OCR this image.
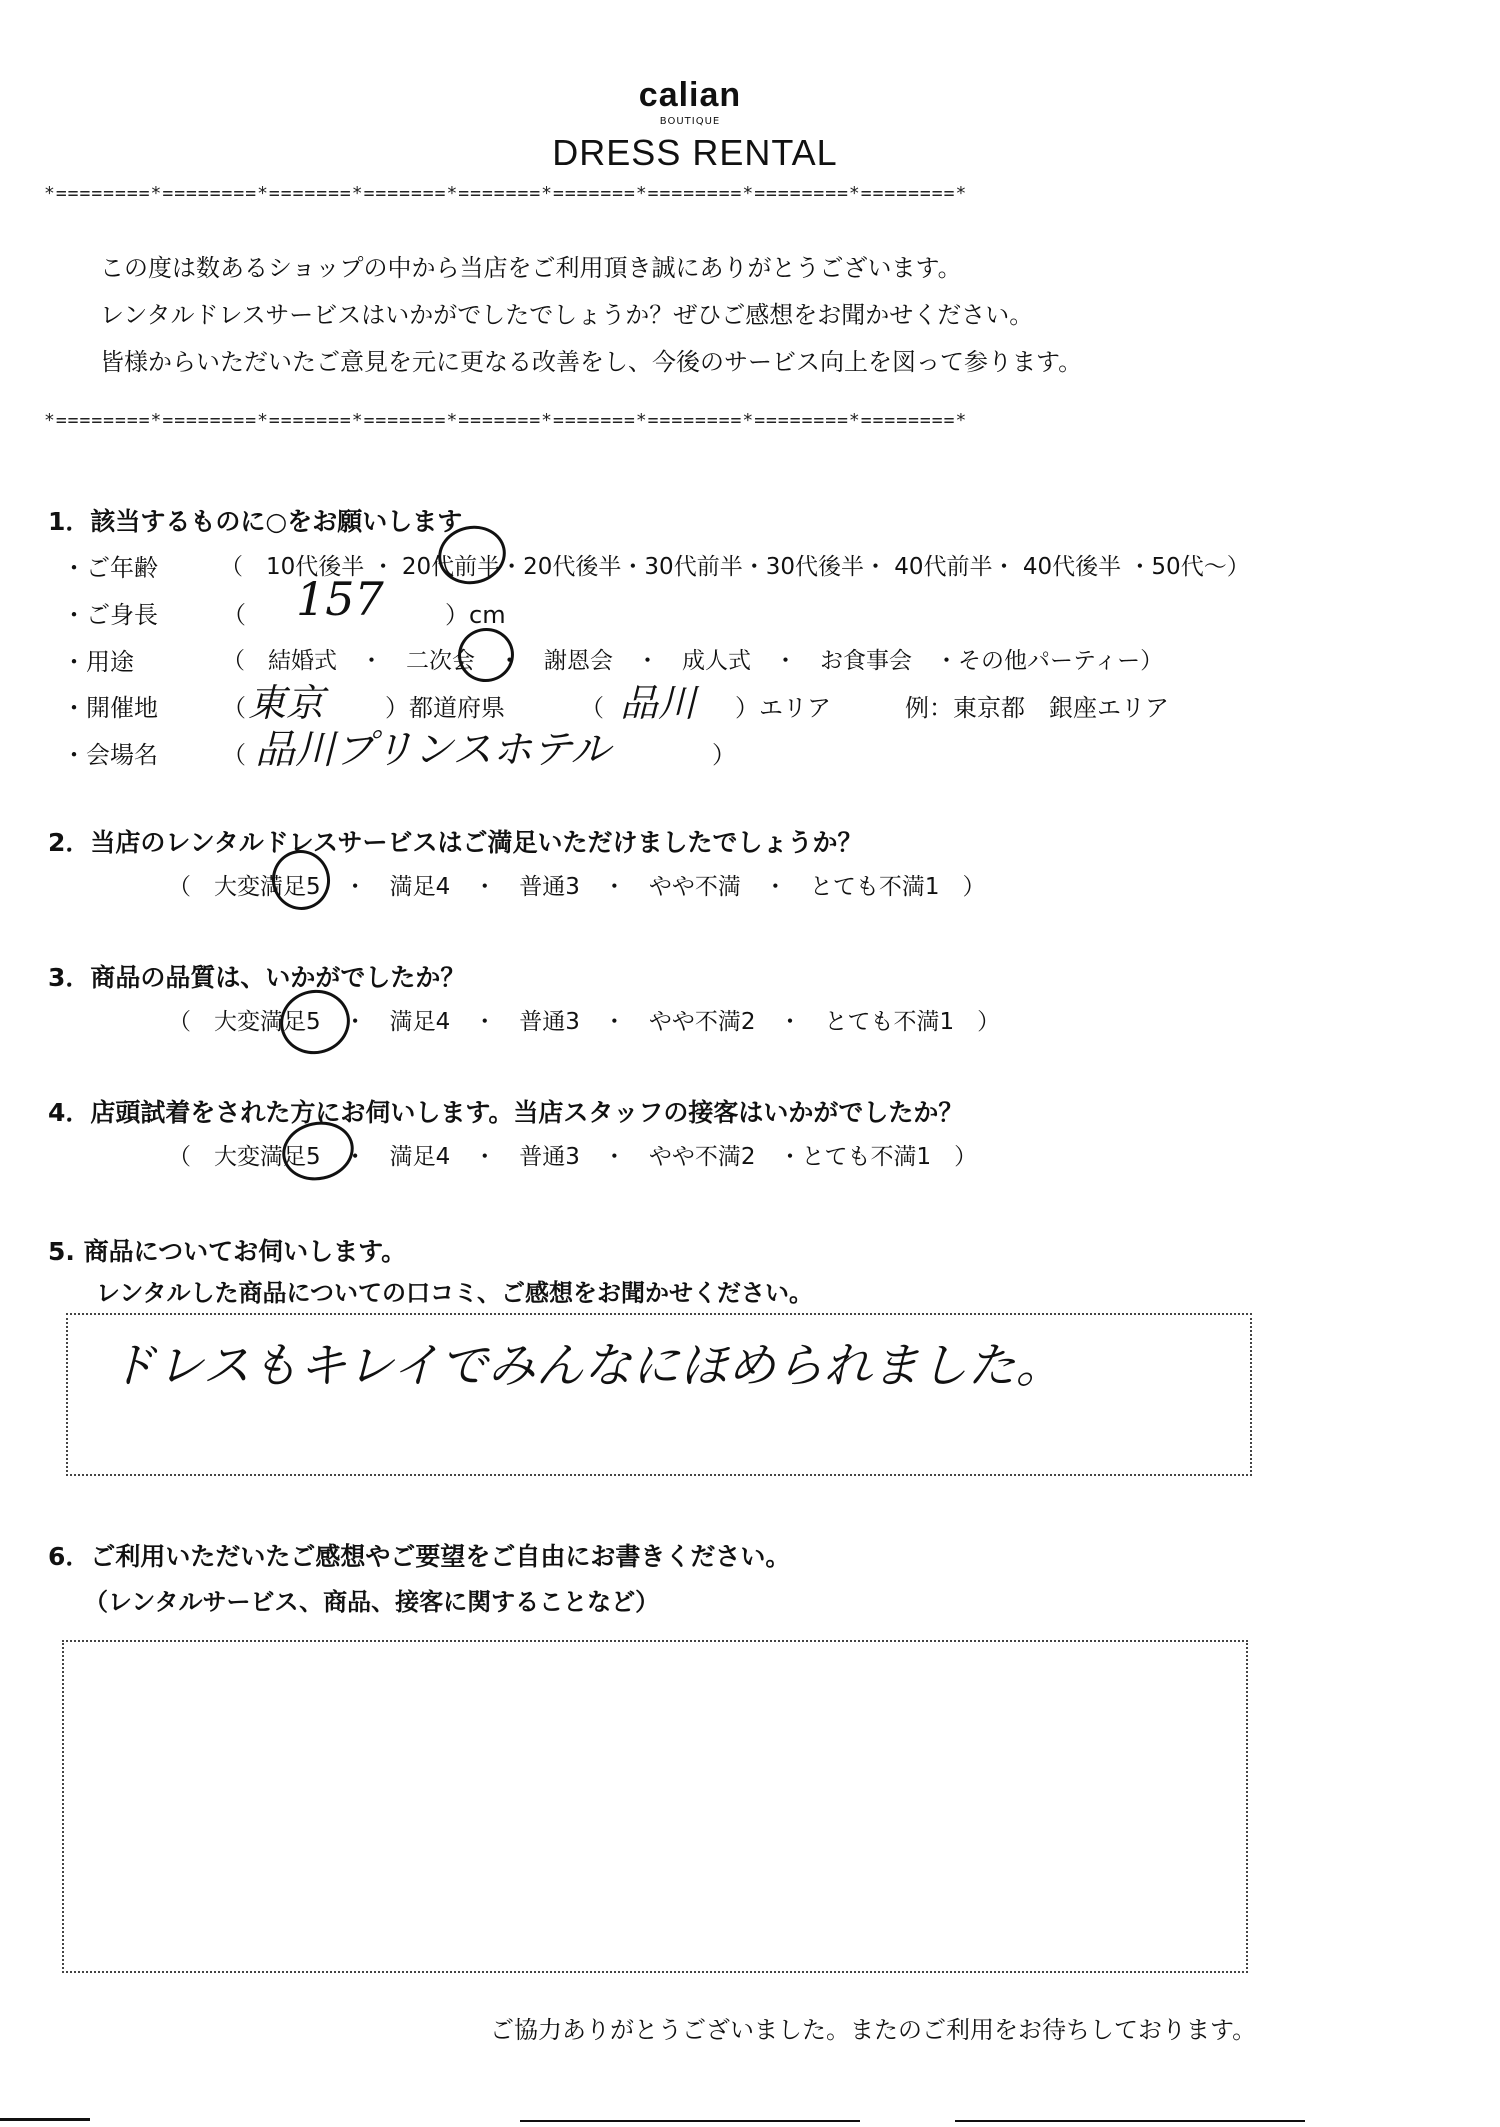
calian
BOUTIQUE
DRESS RENTAL
*========*========*=======*=======*=======*=======*========*========*========*
この度は数あるショップの中から当店をご利用頂き誠にありがとうございます。
レンタルドレスサービスはいかがでしたでしょうか？ぜひご感想をお聞かせください。
皆様からいただいたご意見を元に更なる改善をし、今後のサービス向上を図って参ります。
*========*========*=======*=======*=======*=======*========*========*========*
1．該当するものに○をお願いします
・ご年齢	（　10代後半 ・ 20代前半・20代後半・30代前半・30代後半・ 40代前半・ 40代後半 ・50代～）
・ご身長	（ 157	）cm
・用途	（　結婚式　・　二次会　・　謝恩会　・　成人式　・　お食事会　・その他パーティー）
・開催地	（ 東京	）都道府県	（ 品川 ）エリア	例：東京都　銀座エリア
・会場名	（ 品川プリンスホテル	）
2．当店のレンタルドレスサービスはご満足いただけましたでしょうか？
（　大変満足5　・　満足4　・　普通3　・　やや不満　・　とても不満1　）
3．商品の品質は、いかがでしたか？
（　大変満足5　・　満足4　・　普通3　・　やや不満2　・　とても不満1　）
4．店頭試着をされた方にお伺いします。当店スタッフの接客はいかがでしたか？
（　大変満足5　・　満足4　・　普通3　・　やや不満2　・とても不満1　）
5. 商品についてお伺いします。
レンタルした商品についての口コミ、ご感想をお聞かせください。
ドレスもキレイでみんなにほめられました。
6．ご利用いただいたご感想やご要望をご自由にお書きください。
（レンタルサービス、商品、接客に関することなど）
ご協力ありがとうございました。またのご利用をお待ちしております。
